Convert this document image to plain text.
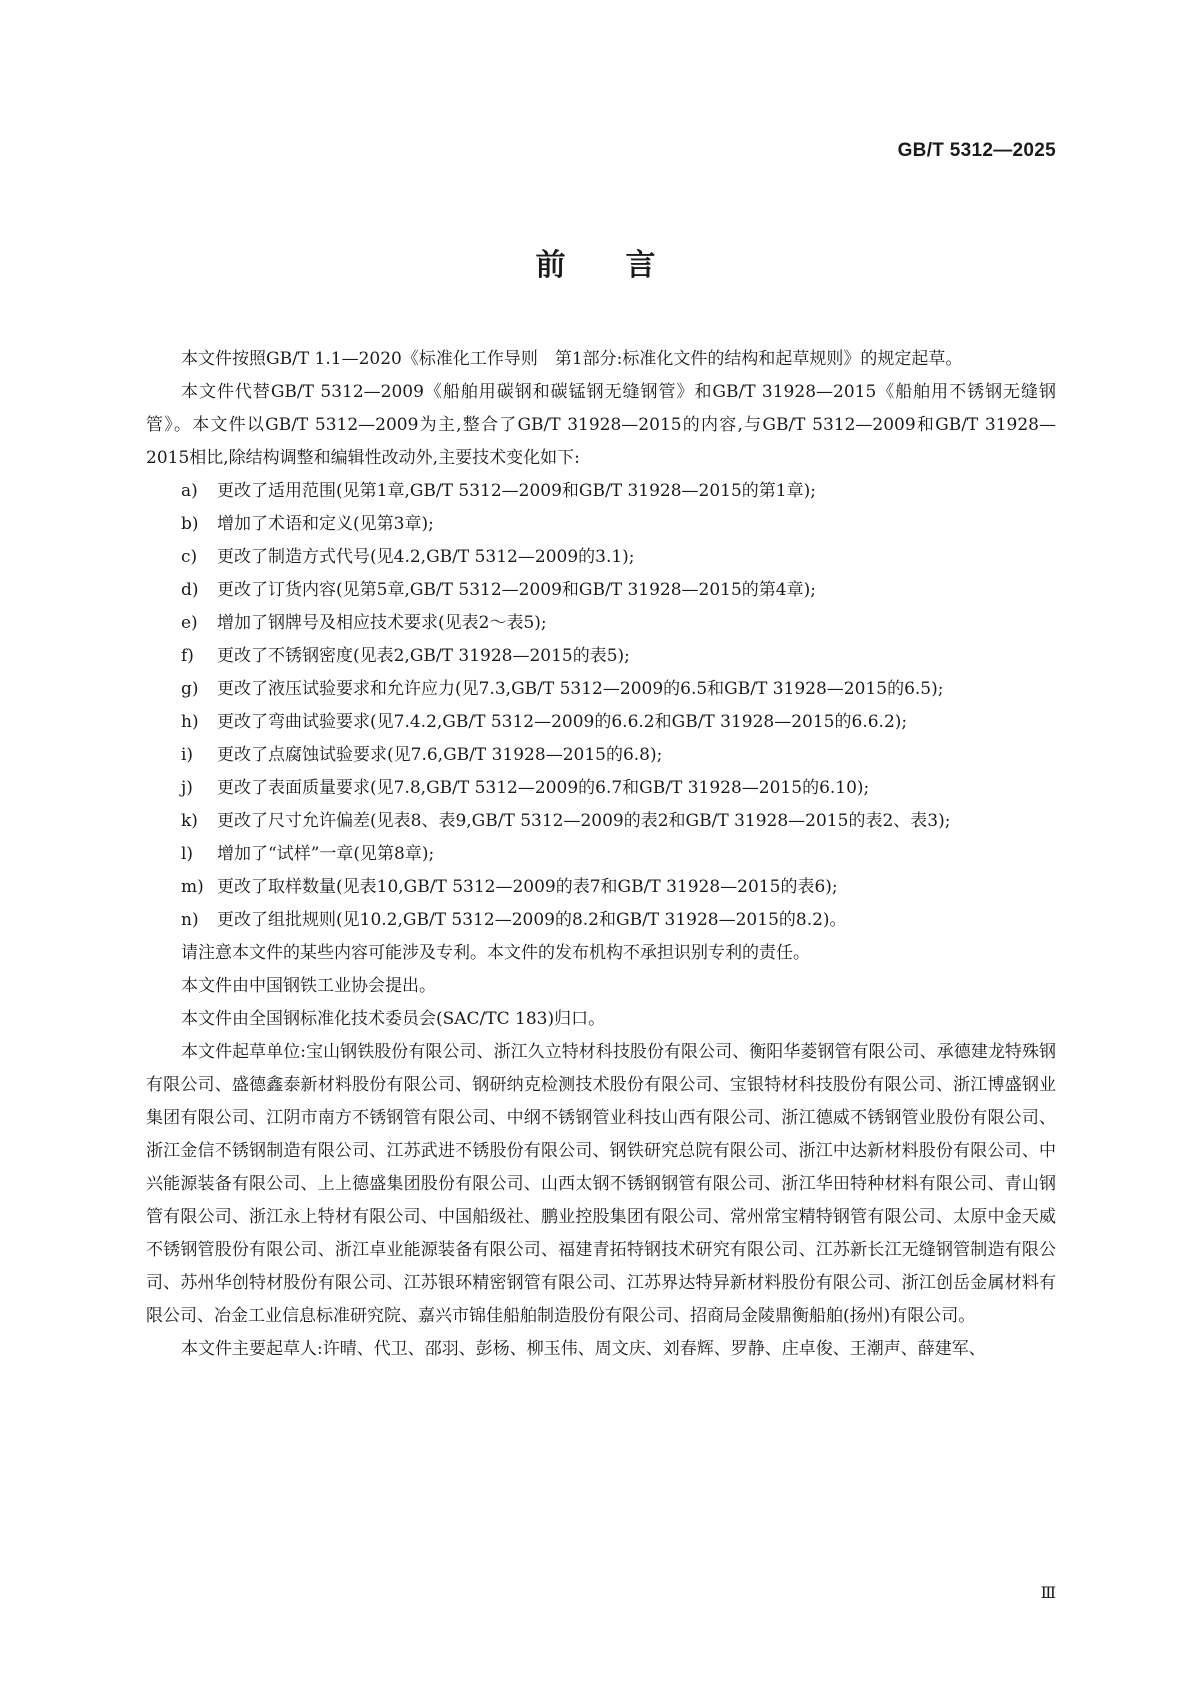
GB/T 5312—2025
前言

本文件按照GB/T 1.1—2020《标准化工作导则　第1部分:标准化文件的结构和起草规则》的规定起草。

本文件代替GB/T 5312—2009《船舶用碳钢和碳锰钢无缝钢管》和GB/T 31928—2015《船舶用不锈钢无缝钢管》。本文件以GB/T 5312—2009为主,整合了GB/T 31928—2015的内容,与GB/T 5312—2009和GB/T 31928—2015相比,除结构调整和编辑性改动外,主要技术变化如下:

a) 更改了适用范围(见第1章,GB/T 5312—2009和GB/T 31928—2015的第1章);

b) 增加了术语和定义(见第3章);

c) 更改了制造方式代号(见4.2,GB/T 5312—2009的3.1);

d) 更改了订货内容(见第5章,GB/T 5312—2009和GB/T 31928—2015的第4章);

e) 增加了钢牌号及相应技术要求(见表2～表5);

f) 更改了不锈钢密度(见表2,GB/T 31928—2015的表5);

g) 更改了液压试验要求和允许应力(见7.3,GB/T 5312—2009的6.5和GB/T 31928—2015的6.5);

h) 更改了弯曲试验要求(见7.4.2,GB/T 5312—2009的6.6.2和GB/T 31928—2015的6.6.2);

i) 更改了点腐蚀试验要求(见7.6,GB/T 31928—2015的6.8);

j) 更改了表面质量要求(见7.8,GB/T 5312—2009的6.7和GB/T 31928—2015的6.10);

k) 更改了尺寸允许偏差(见表8、表9,GB/T 5312—2009的表2和GB/T 31928—2015的表2、表3);

l) 增加了“试样”一章(见第8章);

m) 更改了取样数量(见表10,GB/T 5312—2009的表7和GB/T 31928—2015的表6);

n) 更改了组批规则(见10.2,GB/T 5312—2009的8.2和GB/T 31928—2015的8.2)。

请注意本文件的某些内容可能涉及专利。本文件的发布机构不承担识别专利的责任。

本文件由中国钢铁工业协会提出。

本文件由全国钢标准化技术委员会(SAC/TC 183)归口。

本文件起草单位:宝山钢铁股份有限公司、浙江久立特材科技股份有限公司、衡阳华菱钢管有限公司、承德建龙特殊钢有限公司、盛德鑫泰新材料股份有限公司、钢研纳克检测技术股份有限公司、宝银特材科技股份有限公司、浙江博盛钢业集团有限公司、江阴市南方不锈钢管有限公司、中纲不锈钢管业科技山西有限公司、浙江德威不锈钢管业股份有限公司、浙江金信不锈钢制造有限公司、江苏武进不锈股份有限公司、钢铁研究总院有限公司、浙江中达新材料股份有限公司、中兴能源装备有限公司、上上德盛集团股份有限公司、山西太钢不锈钢钢管有限公司、浙江华田特种材料有限公司、青山钢管有限公司、浙江永上特材有限公司、中国船级社、鹏业控股集团有限公司、常州常宝精特钢管有限公司、太原中金天威不锈钢管股份有限公司、浙江卓业能源装备有限公司、福建青拓特钢技术研究有限公司、江苏新长江无缝钢管制造有限公司、苏州华创特材股份有限公司、江苏银环精密钢管有限公司、江苏界达特异新材料股份有限公司、浙江创岳金属材料有限公司、冶金工业信息标准研究院、嘉兴市锦佳船舶制造股份有限公司、招商局金陵鼎衡船舶(扬州)有限公司。

本文件主要起草人:许晴、代卫、邵羽、彭杨、柳玉伟、周文庆、刘春辉、罗静、庄卓俊、王潮声、薛建军、

Ⅲ
